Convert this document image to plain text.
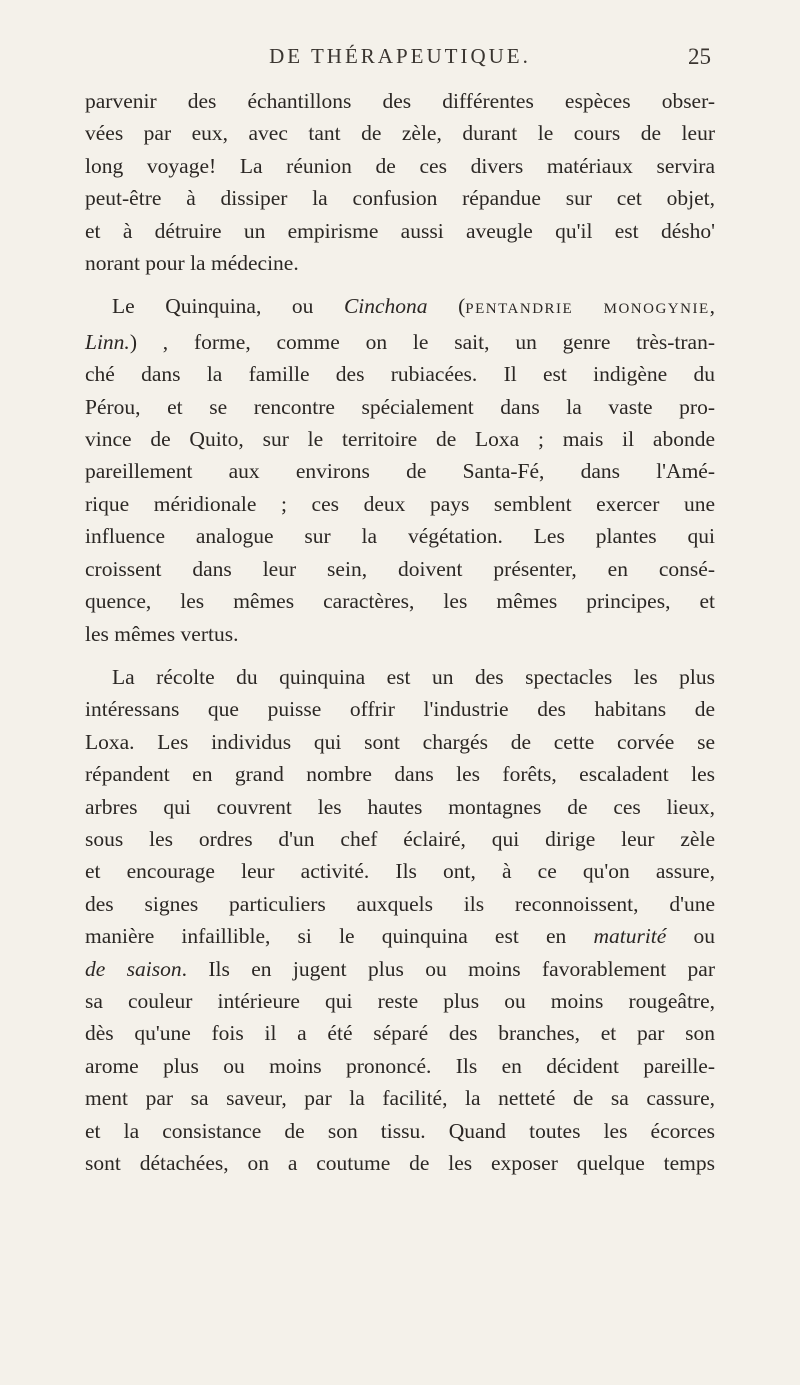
DE THÉRAPEUTIQUE.	25

parvenir des échantillons des différentes espèces obser-
vées par eux, avec tant de zèle, durant le cours de leur
long voyage! La réunion de ces divers matériaux servira
peut-être à dissiper la confusion répandue sur cet objet,
et à détruire un empirisme aussi aveugle qu'il est désho'
norant pour la médecine.

Le Quinquina, ou Cinchona (PENTANDRIE MONOGYNIE,
Linn.) , forme, comme on le sait, un genre très-tran-
ché dans la famille des rubiacées. Il est indigène du
Pérou, et se rencontre spécialement dans la vaste pro-
vince de Quito, sur le territoire de Loxa ; mais il abonde
pareillement aux environs de Santa-Fé, dans l'Amé-
rique méridionale ; ces deux pays semblent exercer une
influence analogue sur la végétation. Les plantes qui
croissent dans leur sein, doivent présenter, en consé-
quence, les mêmes caractères, les mêmes principes, et
les mêmes vertus.

La récolte du quinquina est un des spectacles les plus
intéressans que puisse offrir l'industrie des habitans de
Loxa. Les individus qui sont chargés de cette corvée se
répandent en grand nombre dans les forêts, escaladent les
arbres qui couvrent les hautes montagnes de ces lieux,
sous les ordres d'un chef éclairé, qui dirige leur zèle
et encourage leur activité. Ils ont, à ce qu'on assure,
des signes particuliers auxquels ils reconnoissent, d'une
manière infaillible, si le quinquina est en maturité ou
de saison. Ils en jugent plus ou moins favorablement par
sa couleur intérieure qui reste plus ou moins rougeâtre,
dès qu'une fois il a été séparé des branches, et par son
arome plus ou moins prononcé. Ils en décident pareille-
ment par sa saveur, par la facilité, la netteté de sa cassure,
et la consistance de son tissu. Quand toutes les écorces
sont détachées, on a coutume de les exposer quelque temps
